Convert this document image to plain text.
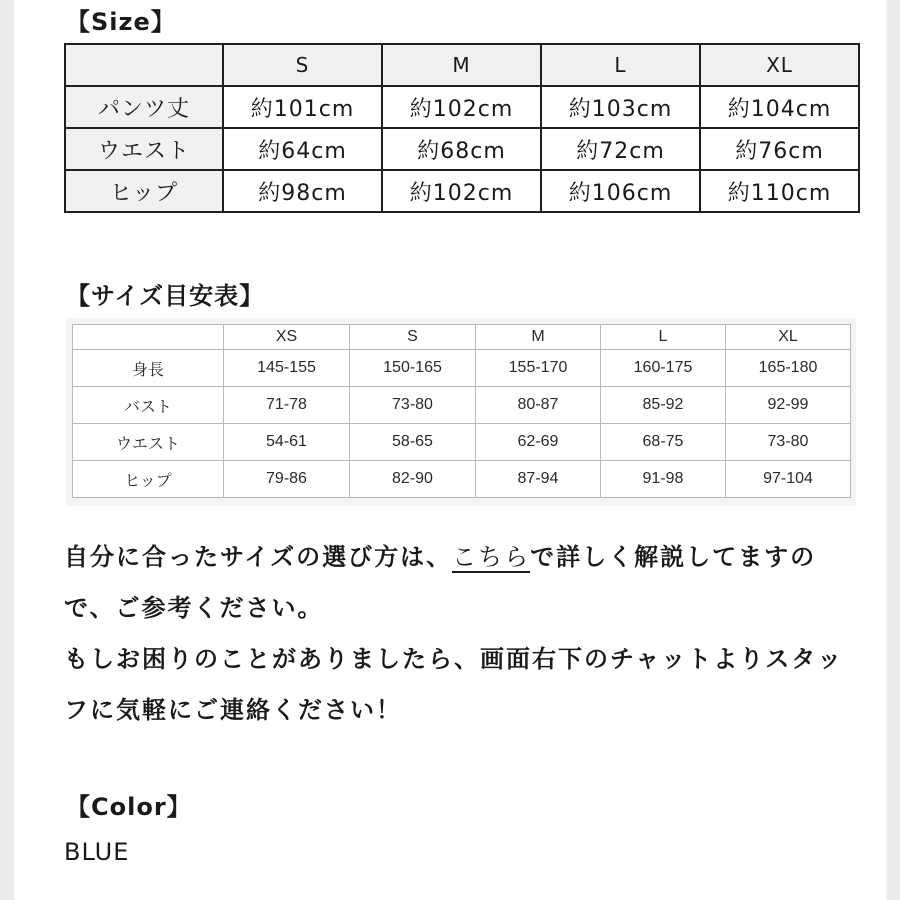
【Size】
	S	M	L	XL
パンツ丈	約101cm	約102cm	約103cm	約104cm
ウエスト	約64cm	約68cm	約72cm	約76cm
ヒップ	約98cm	約102cm	約106cm	約110cm
【サイズ目安表】
	XS	S	M	L	XL
身長	145-155	150-165	155-170	160-175	165-180
バスト	71-78	73-80	80-87	85-92	92-99
ウエスト	54-61	58-65	62-69	68-75	73-80
ヒップ	79-86	82-90	87-94	91-98	97-104

自分に合ったサイズの選び方は、こちらで詳しく解説してますので、ご参考ください。
もしお困りのことがありましたら、画面右下のチャットよりスタッフに気軽にご連絡ください！

【Color】

BLUE
